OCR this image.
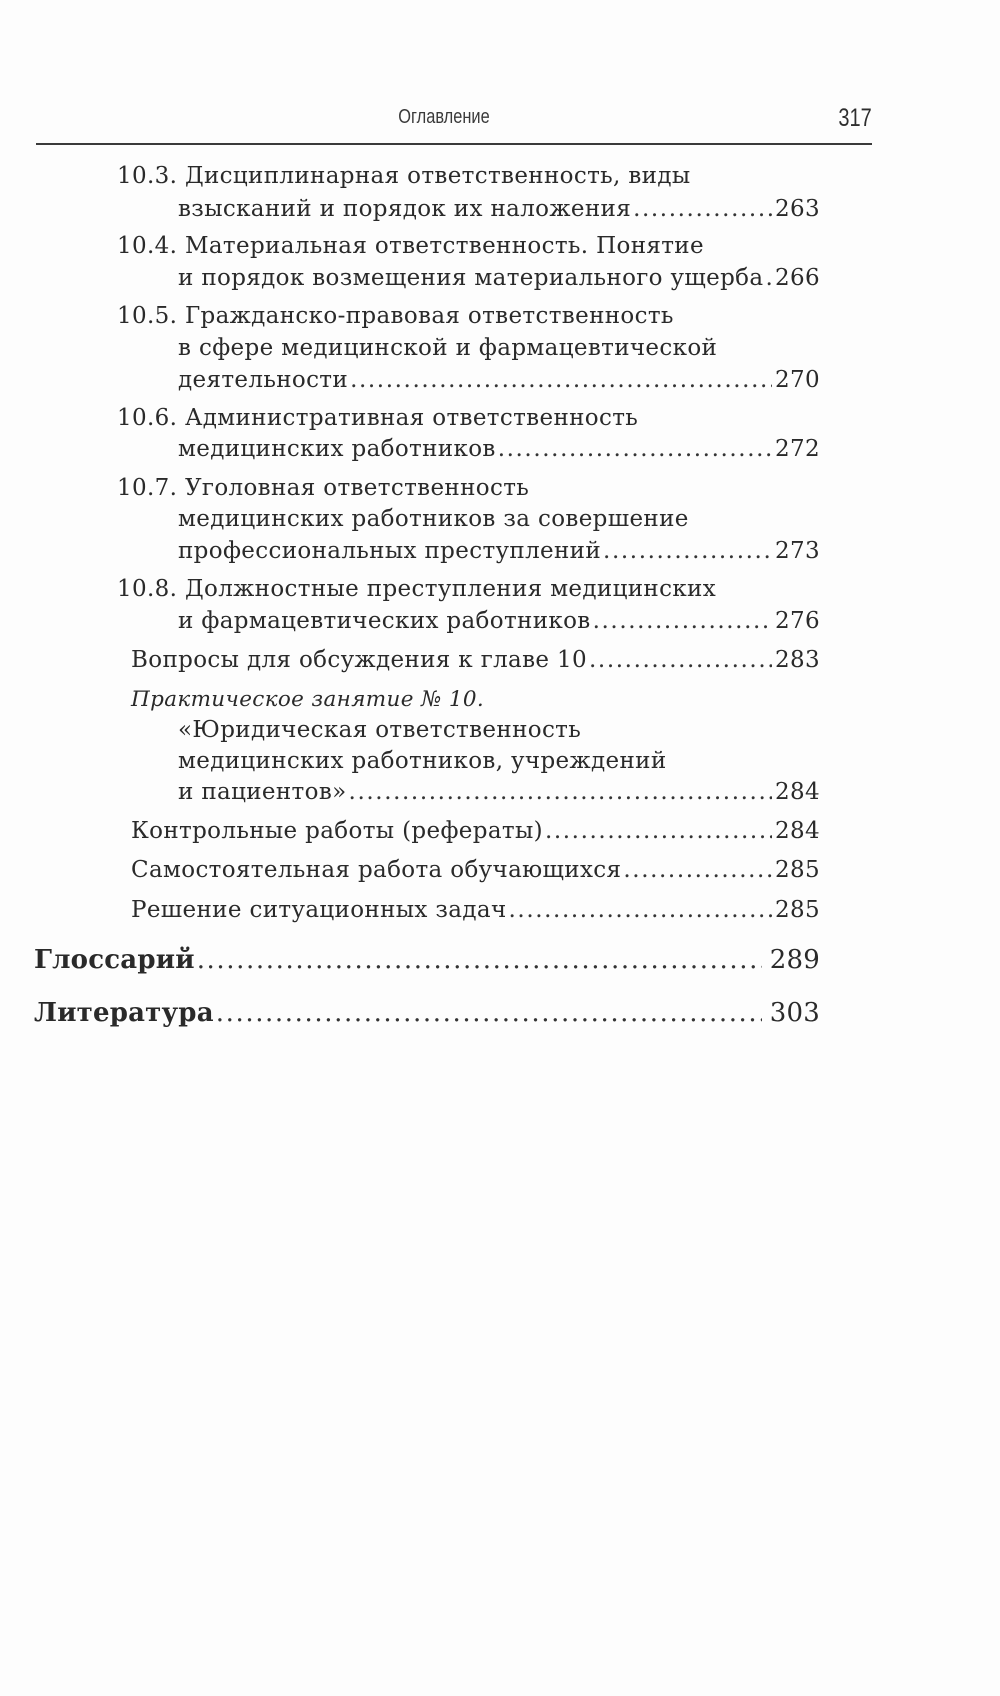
Оглавление	317
10.3. Дисциплинарная ответственность, виды
взысканий и порядок их наложения .....	263
10.4. Материальная ответственность. Понятие
и порядок возмещения материального ущерба ..... 266
10.5. Гражданско-правовая ответственность
в сфере медицинской и фармацевтической
деятельности .....	270
10.6. Административная ответственность
медицинских работников .....	272
10.7. Уголовная ответственность
медицинских работников за совершение
профессиональных преступлений .....	273
10.8. Должностные преступления медицинских
и фармацевтических работников .....	276
Вопросы для обсуждения к главе 10 .....	283
Практическое занятие № 10.
«Юридическая ответственность
медицинских работников, учреждений
и пациентов» .....	284
Контрольные работы (рефераты) .....	284
Самостоятельная работа обучающихся .....	285
Решение ситуационных задач .....	285
Глоссарий .....	289
Литература .....	303
